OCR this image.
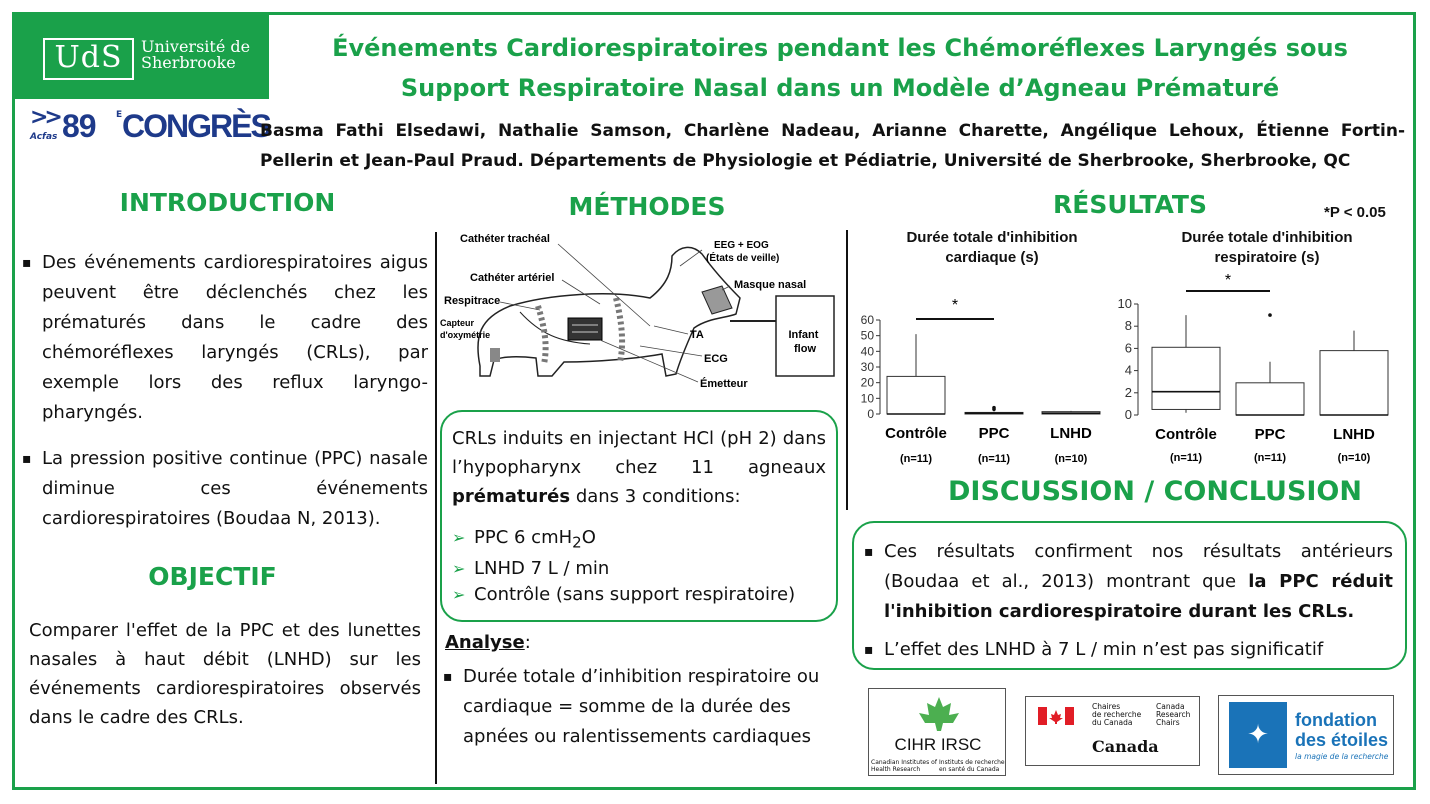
UdS	Université de
Sherbrooke
Événements Cardiorespiratoires pendant les Chémoréflexes Laryngés sous Support Respiratoire Nasal dans un Modèle d’Agneau Prématuré
>>
Acfas 89 E CONGRÈS
Basma Fathi Elsedawi, Nathalie Samson, Charlène Nadeau, Arianne Charette, Angélique Lehoux, Étienne Fortin-Pellerin et Jean-Paul Praud. Départements de Physiologie et Pédiatrie, Université de Sherbrooke, Sherbrooke, QC
INTRODUCTION
▪ Des événements cardiorespiratoires aigus peuvent être déclenchés chez les prématurés dans le cadre des chémoréflexes laryngés (CRLs), par exemple lors des reflux laryngo-pharyngés.
▪ La pression positive continue (PPC) nasale diminue ces événements cardiorespiratoires (Boudaa N, 2013).
OBJECTIF
Comparer l'effet de la PPC et des lunettes nasales à haut débit (LNHD) sur les événements cardiorespiratoires observés dans le cadre des CRLs.
MÉTHODES
Infant flow
Cathéter trachéal
EEG + EOG
(États de veille)
Cathéter artériel
Masque nasal
Respitrace
Capteur
d'oxymétrie	TA
ECG
Émetteur
CRLs induits en injectant HCl (pH 2) dans l’hypopharynx chez 11 agneaux prématurés dans 3 conditions:
➢ PPC 6 cmH$_2$O
➢ LNHD 7 L / min
➢ Contrôle (sans support respiratoire)
Analyse:
▪ Durée totale d’inhibition respiratoire ou cardiaque = somme de la durée des apnées ou ralentissements cardiaques
RÉSULTATS	*P < 0.05
Durée totale d'inhibition cardiaque (s)
Durée totale d'inhibition respiratoire (s)
0
10
20
30
40
50
60
Contrôle
(n=11)
PPC
(n=11)
LNHD
(n=10)
*
0
2
4
6
8
10
Contrôle
(n=11)
PPC
(n=11)
LNHD
(n=10)
*
DISCUSSION / CONCLUSION
▪ Ces résultats confirment nos résultats antérieurs (Boudaa et al., 2013) montrant que la PPC réduit l'inhibition cardiorespiratoire durant les CRLs.
▪ L’effet des LNHD à 7 L / min n’est pas significatif
CIHR IRSC
Canadian Institutes of
Health Research
Instituts de recherche
en santé du Canada
Chaires
de recherche
du Canada
Canada
Research
Chairs
Canada	✦	fondation
des étoiles
la magie de la recherche
